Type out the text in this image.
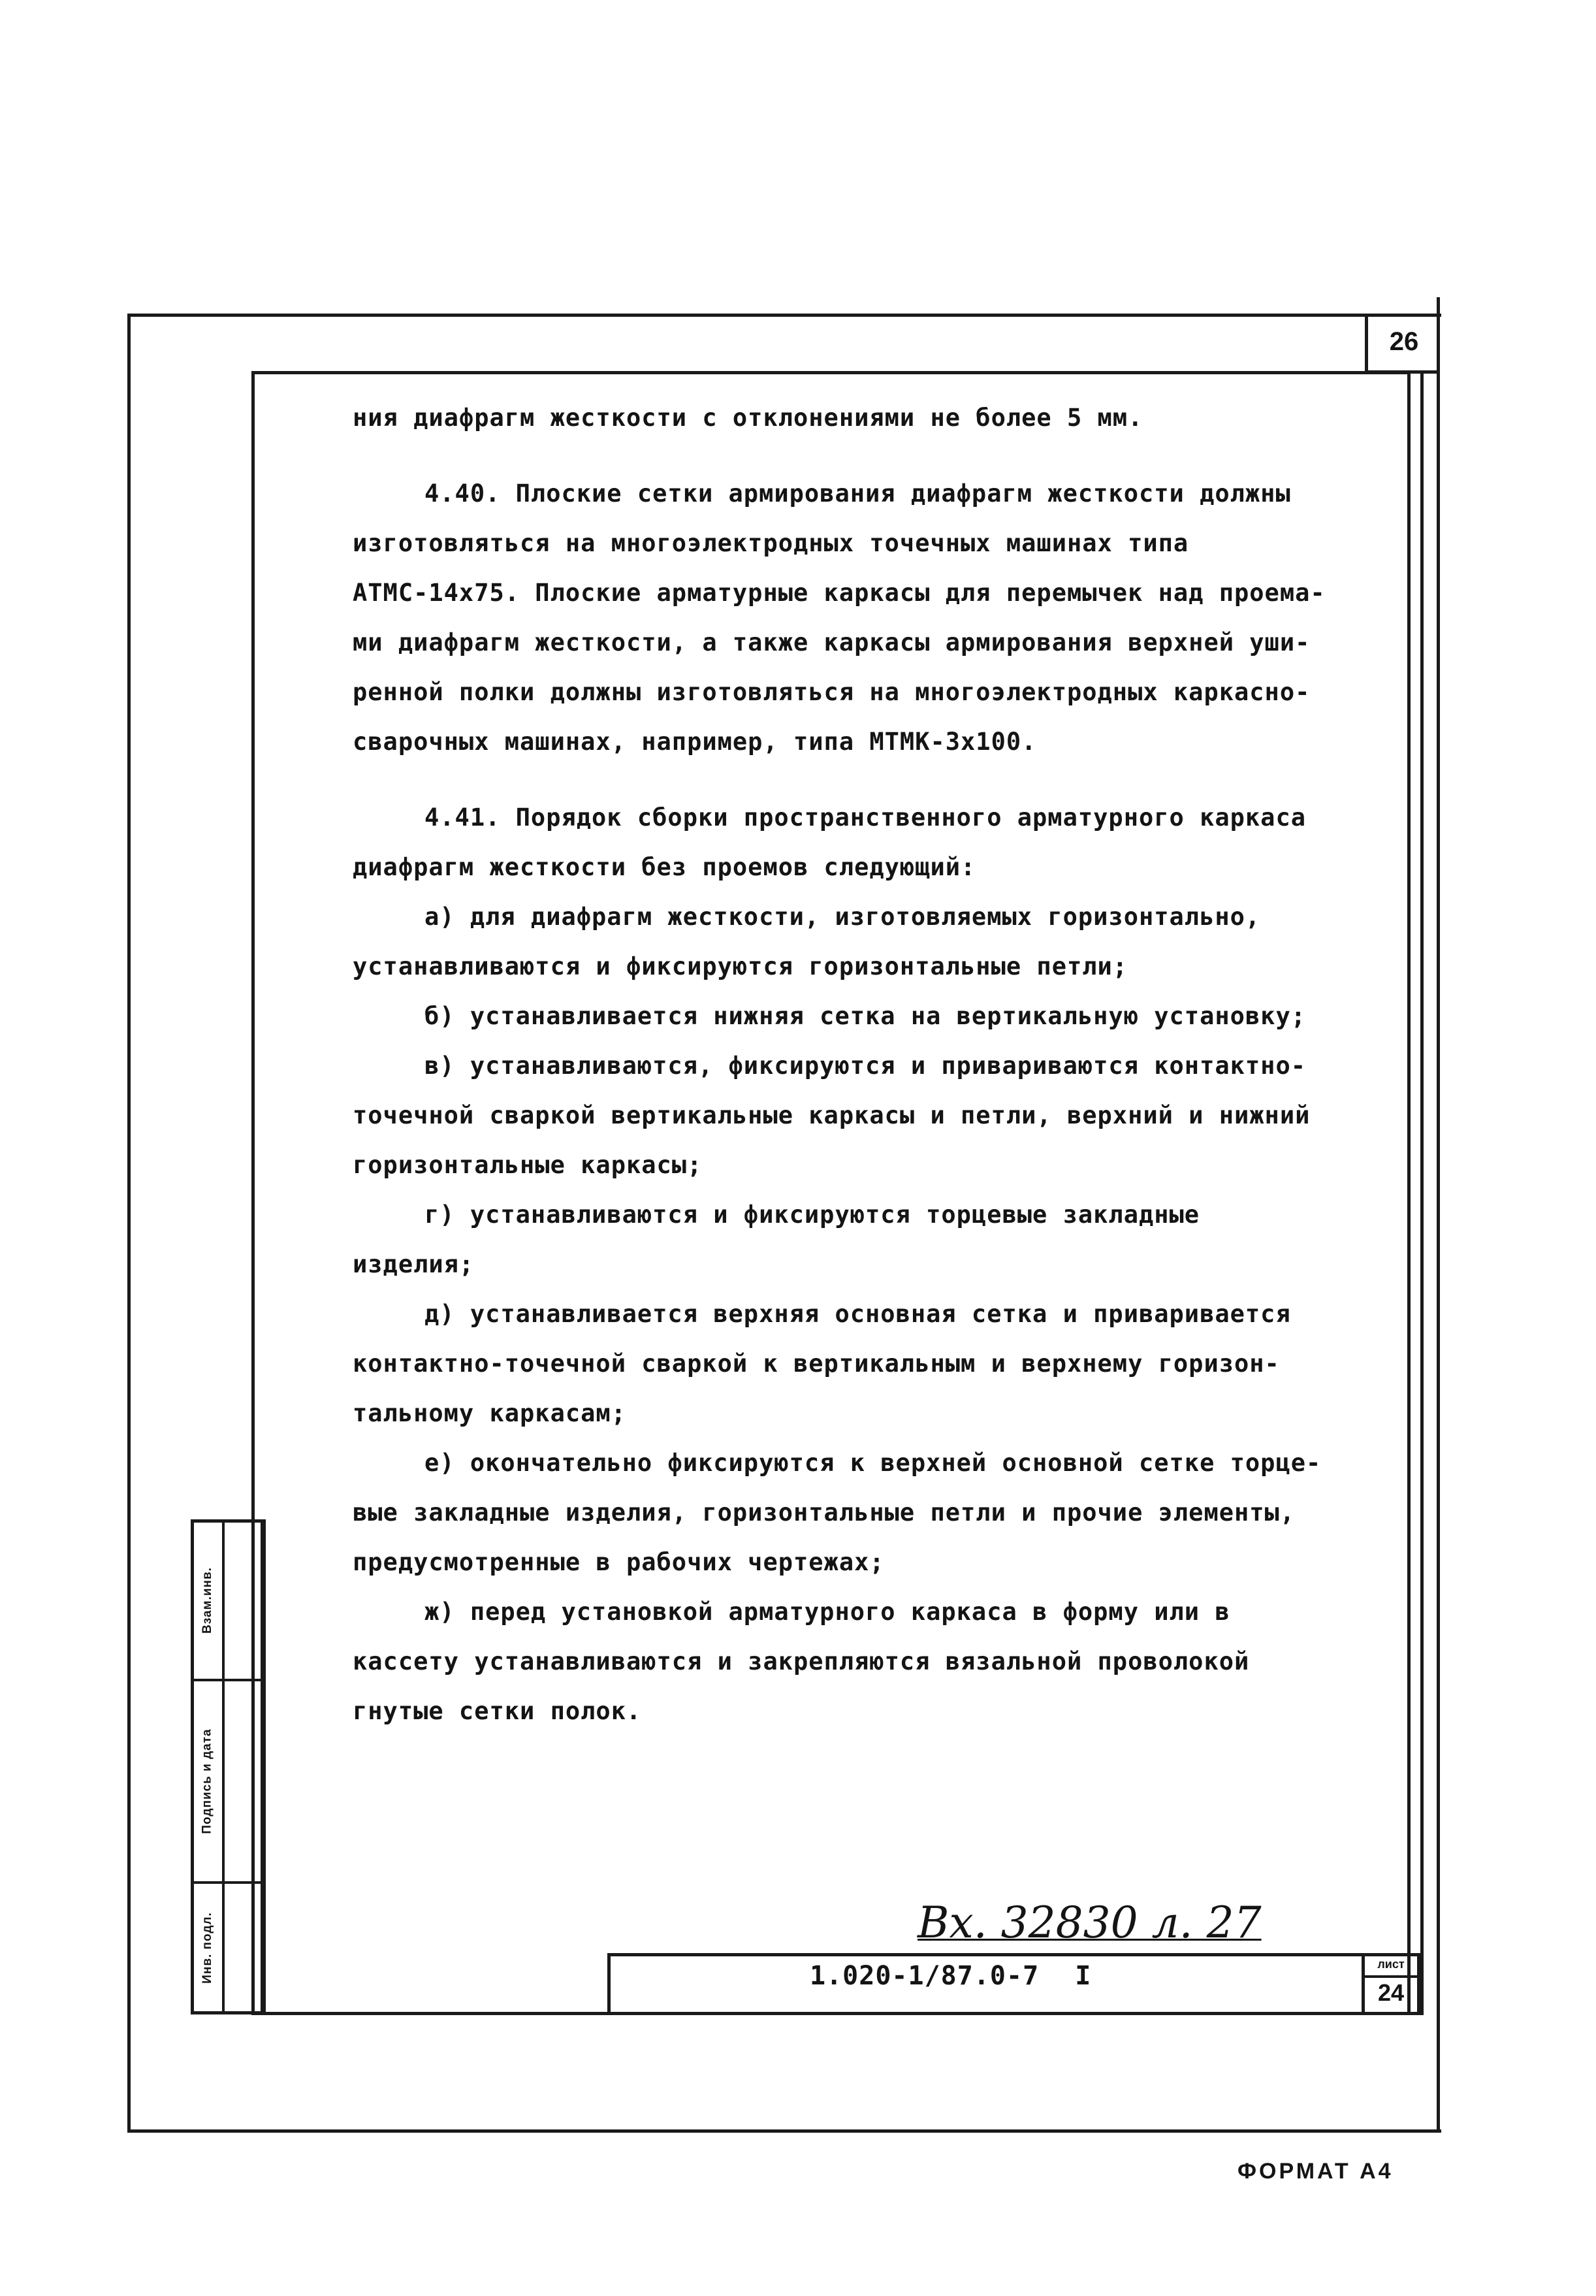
26
Взам.инв.
Подпись и дата
Инв. подл.
ния диафрагм жесткости с отклонениями не более 5 мм.
4.40. Плоские сетки армирования диафрагм жесткости должны
изготовляться на многоэлектродных точечных машинах типа
АТМС-14х75. Плоские арматурные каркасы для перемычек над проема-
ми диафрагм жесткости, а также каркасы армирования верхней уши-
ренной полки должны изготовляться на многоэлектродных каркасно-
сварочных машинах, например, типа МТМК-3х100.
4.41. Порядок сборки пространственного арматурного каркаса
диафрагм жесткости без проемов следующий:
а) для диафрагм жесткости, изготовляемых горизонтально,
устанавливаются и фиксируются горизонтальные петли;
б) устанавливается нижняя сетка на вертикальную установку;
в) устанавливаются, фиксируются и привариваются контактно-
точечной сваркой вертикальные каркасы и петли, верхний и нижний
горизонтальные каркасы;
г) устанавливаются и фиксируются торцевые закладные
изделия;
д) устанавливается верхняя основная сетка и приваривается
контактно-точечной сваркой к вертикальным и верхнему горизон-
тальному каркасам;
е) окончательно фиксируются к верхней основной сетке торце-
вые закладные изделия, горизонтальные петли и прочие элементы,
предусмотренные в рабочих чертежах;
ж) перед установкой арматурного каркаса в форму или в
кассету устанавливаются и закрепляются вязальной проволокой
гнутые сетки полок.
Вх. 32830 л. 27
1.020-1/87.0-7 I	лист
24
ФОРМАТ А4
